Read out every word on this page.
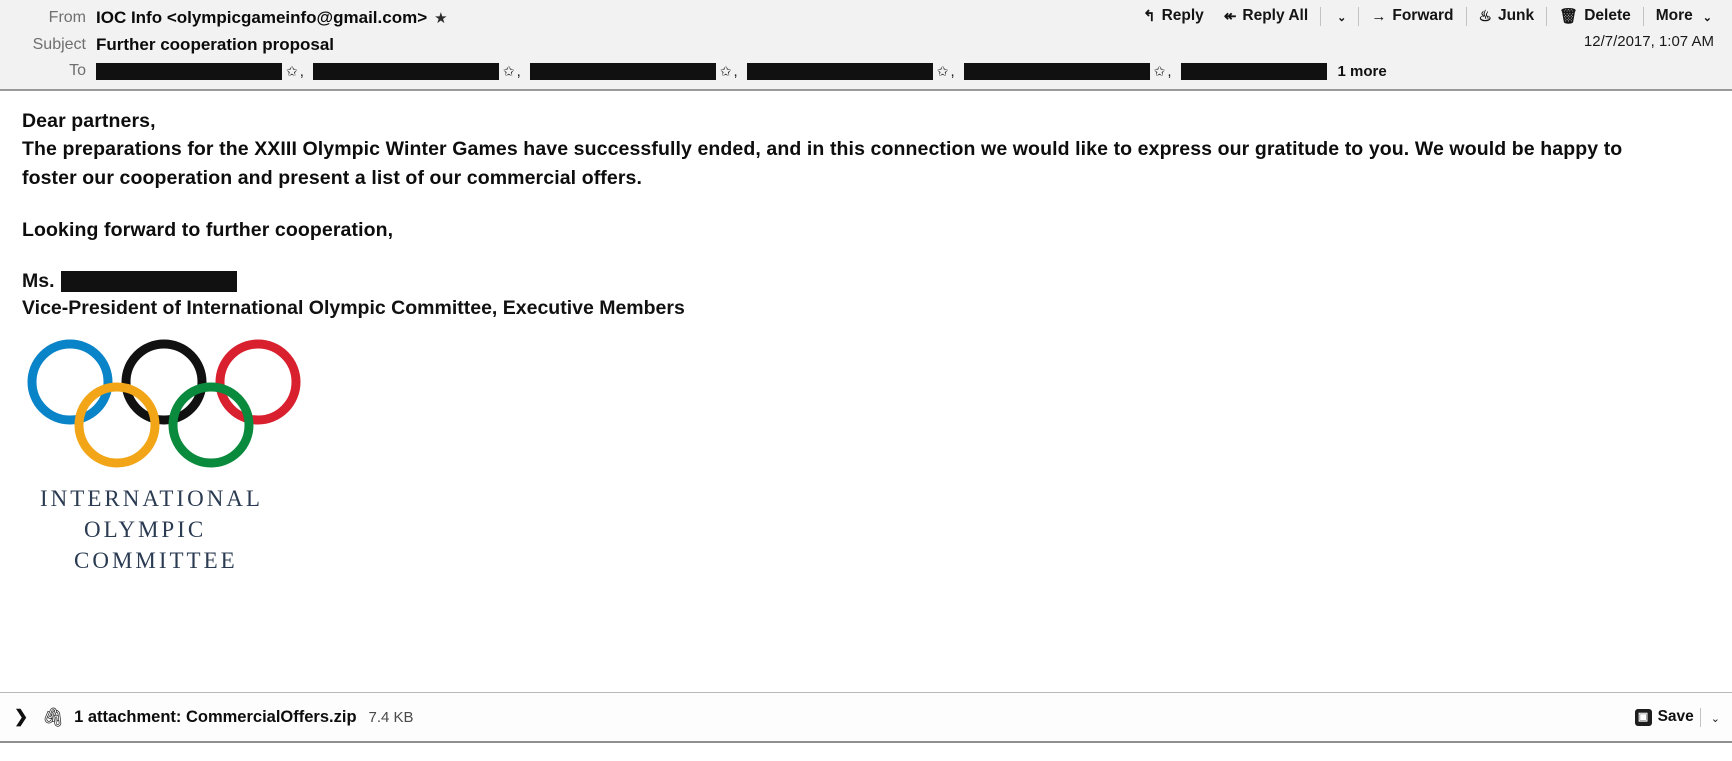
↰ Reply ↞ Reply All	⌄ → Forward ♨ Junk 🗑 Delete More ⌄
From IOC Info <olympicgameinfo@gmail.com> ★
Subject Further cooperation proposal	12/7/2017, 1:07 AM
To	✩ ,	✩ ,	✩ ,	✩ ,	✩ ,	1 more

Dear partners,

The preparations for the XXIII Olympic Winter Games have successfully ended, and in this connection we would like to express our gratitude to you. We would be happy to foster our cooperation and present a list of our commercial offers.

Looking forward to further cooperation,

Ms.
Vice-President of International Olympic Committee, Executive Members
INTERNATIONAL
OLYMPIC
COMMITTEE
❯ 🖇 1 attachment: CommercialOffers.zip 7.4 KB	▣ Save ⌄
